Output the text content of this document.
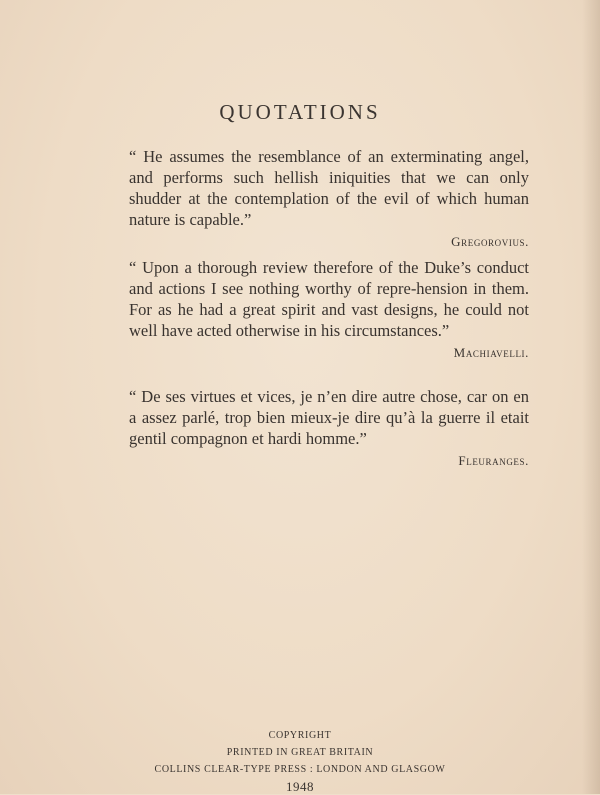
QUOTATIONS
“ He assumes the resemblance of an exterminating angel, and performs such hellish iniquities that we can only shudder at the contemplation of the evil of which human nature is capable.”
Gregorovius.
“ Upon a thorough review therefore of the Duke’s conduct and actions I see nothing worthy of repre-hension in them. For as he had a great spirit and vast designs, he could not well have acted otherwise in his circumstances.”
Machiavelli.
“ De ses virtues et vices, je n’en dire autre chose, car on en a assez parlé, trop bien mieux-je dire qu’à la guerre il etait gentil compagnon et hardi homme.”
Fleuranges.
COPYRIGHT
PRINTED IN GREAT BRITAIN
COLLINS CLEAR-TYPE PRESS : LONDON AND GLASGOW
1948
